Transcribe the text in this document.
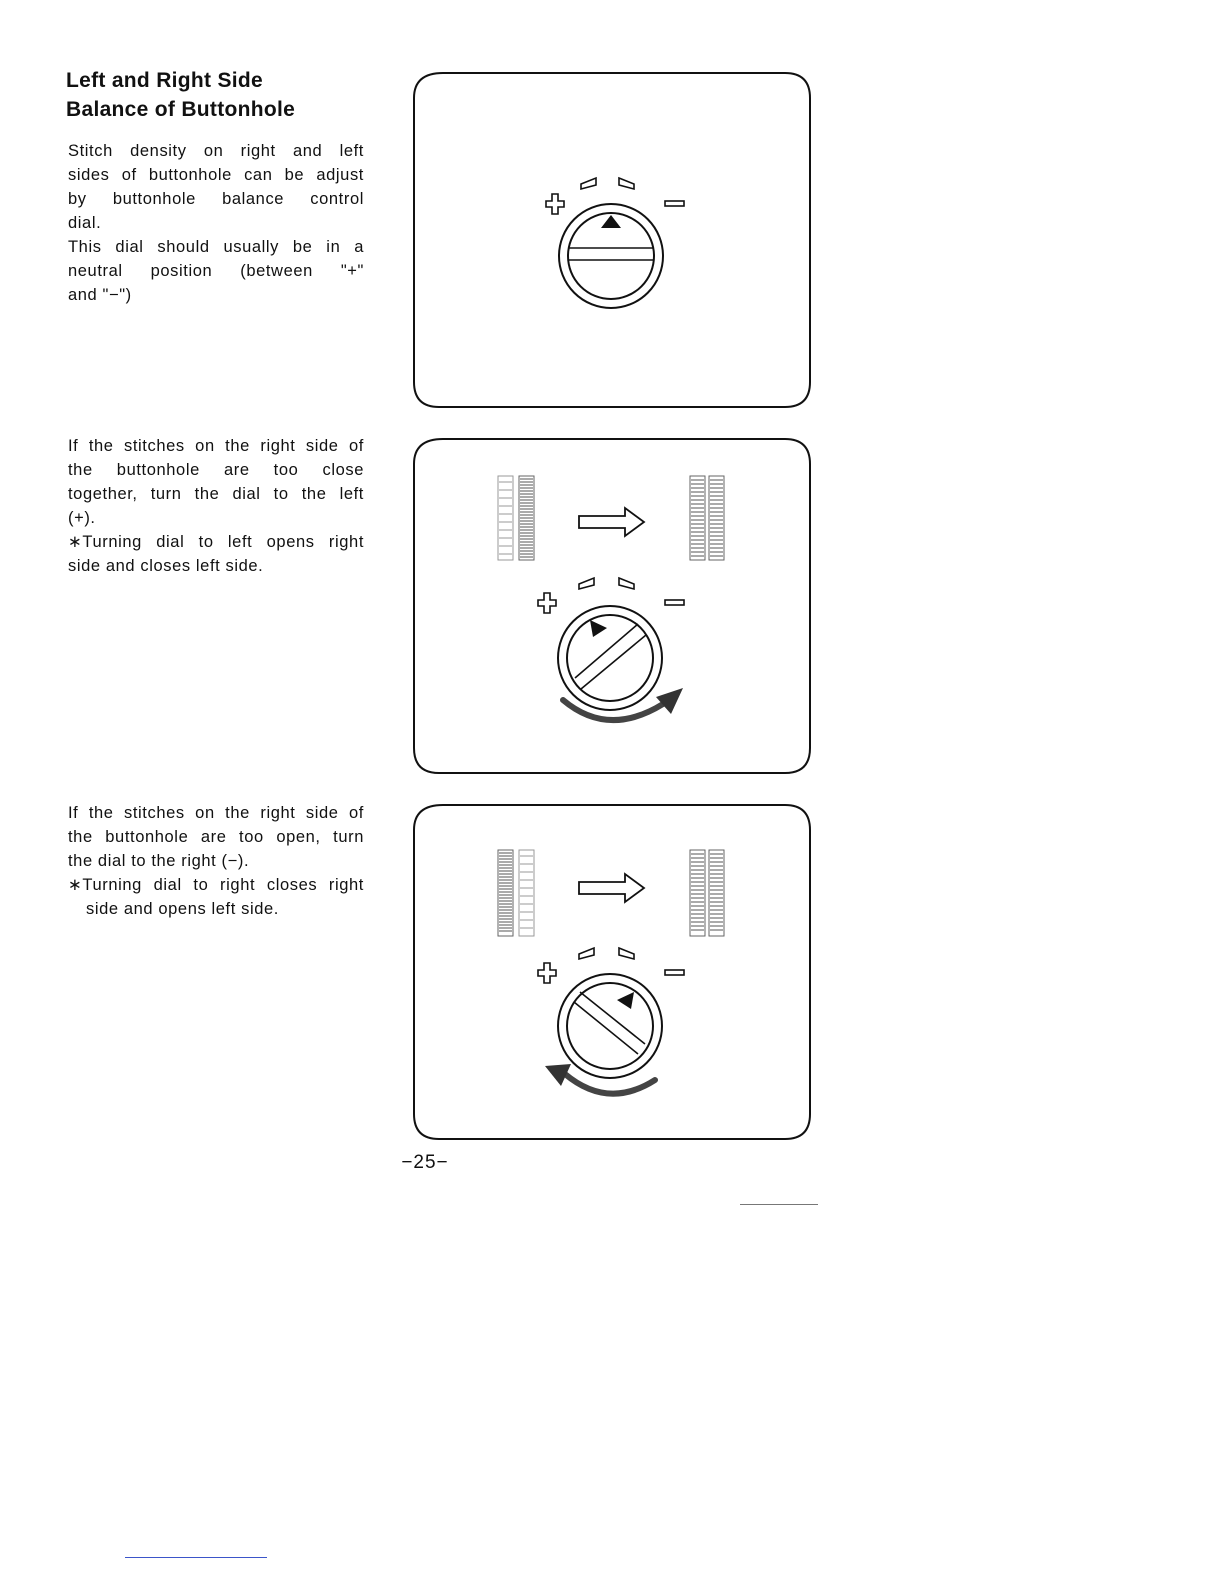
Left and Right Side
Balance of Buttonhole
Stitch density on right and left
sides of buttonhole can be adjust
by buttonhole balance control
dial.
This dial should usually be in a
neutral position (between "+"
and "−")
If the stitches on the right side of
the buttonhole are too close
together, turn the dial to the left
(+).
∗Turning dial to left opens right
side and closes left side.
If the stitches on the right side of
the buttonhole are too open, turn
the dial to the right (−).
∗Turning dial to right closes right
side and opens left side.
−25−
